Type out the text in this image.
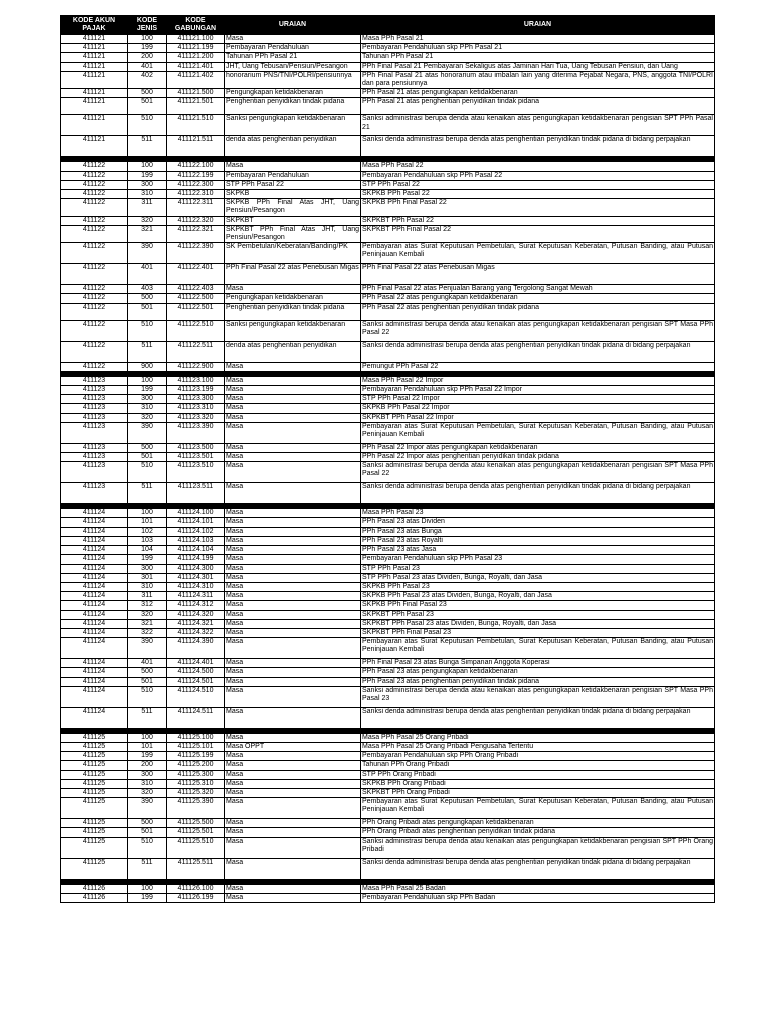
KODE AKUN PAJAK	KODE JENIS	KODE GABUNGAN	URAIAN	URAIAN
411121	100	411121.100	Masa	Masa PPh Pasal 21
411121	199	411121.199	Pembayaran Pendahuluan	Pembayaran Pendahuluan skp PPh Pasal 21
411121	200	411121.200	Tahunan PPh Pasal 21	Tahunan PPh Pasal 21
411121	401	411121.401	JHT, Uang Tebusan/Pensiun/Pesangon	PPh Final Pasal 21 Pembayaran Sekaligus atas Jaminan Hari Tua, Uang Tebusan Pensiun, dan Uang
411121	402	411121.402	honorarium PNS/TNI/POLRI/pensiunnya	PPh Final Pasal 21 atas honorarium atau imbalan lain yang diterima Pejabat Negara, PNS, anggota TNI/POLRI dan para pensiunnya
411121	500	411121.500	Pengungkapan ketidakbenaran	PPh Pasal 21 atas pengungkapan ketidakbenaran
411121	501	411121.501	Penghentian penyidikan tindak pidana	PPh Pasal 21 atas penghentian penyidikan tindak pidana
411121	510	411121.510	Sanksi pengungkapan ketidakbenaran	Sanksi administrasi berupa denda atau kenaikan atas pengungkapan ketidakbenaran pengisian SPT PPh Pasal 21
411121	511	411121.511	denda atas penghentian penyidikan	Sanksi denda administrasi berupa denda atas penghentian penyidikan tindak pidana di bidang perpajakan

411122	100	411122.100	Masa	Masa PPh Pasal 22
411122	199	411122.199	Pembayaran Pendahuluan	Pembayaran Pendahuluan skp PPh Pasal 22
411122	300	411122.300	STP PPh Pasal 22	STP PPh Pasal 22
411122	310	411122.310	SKPKB	SKPKB PPh Pasal 22
411122	311	411122.311	SKPKB PPh Final Atas JHT, Uang Pensiun/Pesangon	SKPKB PPh Final Pasal 22
411122	320	411122.320	SKPKBT	SKPKBT PPh Pasal 22
411122	321	411122.321	SKPKBT PPh Final Atas JHT, Uang Pensiun/Pesangon	SKPKBT PPh Final Pasal 22
411122	390	411122.390	SK Pembetulan/Keberatan/Banding/PK	Pembayaran atas Surat Keputusan Pembetulan, Surat Keputusan Keberatan, Putusan Banding, atau Putusan Peninjauan Kembali
411122	401	411122.401	PPh Final Pasal 22 atas Penebusan Migas	PPh Final Pasal 22 atas Penebusan Migas
411122	403	411122.403	Masa	PPh Final Pasal 22 atas Penjualan Barang yang Tergolong Sangat Mewah
411122	500	411122.500	Pengungkapan ketidakbenaran	PPh Pasal 22 atas pengungkapan ketidakbenaran
411122	501	411122.501	Penghentian penyidikan tindak pidana	PPh Pasal 22 atas penghentian penyidikan tindak pidana
411122	510	411122.510	Sanksi pengungkapan ketidakbenaran	Sanksi administrasi berupa denda atau kenaikan atas pengungkapan ketidakbenaran pengisian SPT Masa PPh Pasal 22
411122	511	411122.511	denda atas penghentian penyidikan	Sanksi denda administrasi berupa denda atas penghentian penyidikan tindak pidana di bidang perpajakan
411122	900	411122.900	Masa	Pemungut PPh Pasal 22

411123	100	411123.100	Masa	Masa PPh Pasal 22 Impor
411123	199	411123.199	Masa	Pembayaran Pendahuluan skp PPh Pasal 22 Impor
411123	300	411123.300	Masa	STP PPh Pasal 22 Impor
411123	310	411123.310	Masa	SKPKB PPh Pasal 22 Impor
411123	320	411123.320	Masa	SKPKBT PPh Pasal 22 Impor
411123	390	411123.390	Masa	Pembayaran atas Surat Keputusan Pembetulan, Surat Keputusan Keberatan, Putusan Banding, atau Putusan Peninjauan Kembali
411123	500	411123.500	Masa	PPh Pasal 22 Impor atas pengungkapan ketidakbenaran
411123	501	411123.501	Masa	PPh Pasal 22 Impor atas penghentian penyidikan tindak pidana
411123	510	411123.510	Masa	Sanksi administrasi berupa denda atau kenaikan atas pengungkapan ketidakbenaran pengisian SPT Masa PPh Pasal 22
411123	511	411123.511	Masa	Sanksi denda administrasi berupa denda atas penghentian penyidikan tindak pidana di bidang perpajakan

411124	100	411124.100	Masa	Masa PPh Pasal 23
411124	101	411124.101	Masa	PPh Pasal 23 atas Dividen
411124	102	411124.102	Masa	PPh Pasal 23 atas Bunga
411124	103	411124.103	Masa	PPh Pasal 23 atas Royalti
411124	104	411124.104	Masa	PPh Pasal 23 atas Jasa
411124	199	411124.199	Masa	Pembayaran Pendahuluan skp PPh Pasal 23
411124	300	411124.300	Masa	STP PPh Pasal 23
411124	301	411124.301	Masa	STP PPh Pasal 23 atas Dividen, Bunga, Royalti, dan Jasa
411124	310	411124.310	Masa	SKPKB PPh Pasal 23
411124	311	411124.311	Masa	SKPKB PPh Pasal 23 atas Dividen, Bunga, Royalti, dan Jasa
411124	312	411124.312	Masa	SKPKB PPh Final Pasal 23
411124	320	411124.320	Masa	SKPKBT PPh Pasal 23
411124	321	411124.321	Masa	SKPKBT PPh Pasal 23 atas Dividen, Bunga, Royalti, dan Jasa
411124	322	411124.322	Masa	SKPKBT PPh Final Pasal 23
411124	390	411124.390	Masa	Pembayaran atas Surat Keputusan Pembetulan, Surat Keputusan Keberatan, Putusan Banding, atau Putusan Peninjauan Kembali
411124	401	411124.401	Masa	PPh Final Pasal 23 atas Bunga Simpanan Anggota Koperasi
411124	500	411124.500	Masa	PPh Pasal 23 atas pengungkapan ketidakbenaran
411124	501	411124.501	Masa	PPh Pasal 23 atas penghentian penyidikan tindak pidana
411124	510	411124.510	Masa	Sanksi administrasi berupa denda atau kenaikan atas pengungkapan ketidakbenaran pengisian SPT Masa PPh Pasal 23
411124	511	411124.511	Masa	Sanksi denda administrasi berupa denda atas penghentian penyidikan tindak pidana di bidang perpajakan

411125	100	411125.100	Masa	Masa PPh Pasal 25 Orang Pribadi
411125	101	411125.101	Masa OPPT	Masa PPh Pasal 25 Orang Pribadi Pengusaha Tertentu
411125	199	411125.199	Masa	Pembayaran Pendahuluan skp PPh Orang Pribadi
411125	200	411125.200	Masa	Tahunan PPh Orang Pribadi
411125	300	411125.300	Masa	STP PPh Orang Pribadi
411125	310	411125.310	Masa	SKPKB PPh Orang Pribadi
411125	320	411125.320	Masa	SKPKBT PPh Orang Pribadi
411125	390	411125.390	Masa	Pembayaran atas Surat Keputusan Pembetulan, Surat Keputusan Keberatan, Putusan Banding, atau Putusan Peninjauan Kembali
411125	500	411125.500	Masa	PPh Orang Pribadi atas pengungkapan ketidakbenaran
411125	501	411125.501	Masa	PPh Orang Pribadi atas penghentian penyidikan tindak pidana
411125	510	411125.510	Masa	Sanksi administrasi berupa denda atau kenaikan atas pengungkapan ketidakbenaran pengisian SPT PPh Orang Pribadi
411125	511	411125.511	Masa	Sanksi denda administrasi berupa denda atas penghentian penyidikan tindak pidana di bidang perpajakan

411126	100	411126.100	Masa	Masa PPh Pasal 25 Badan
411126	199	411126.199	Masa	Pembayaran Pendahuluan skp PPh Badan
